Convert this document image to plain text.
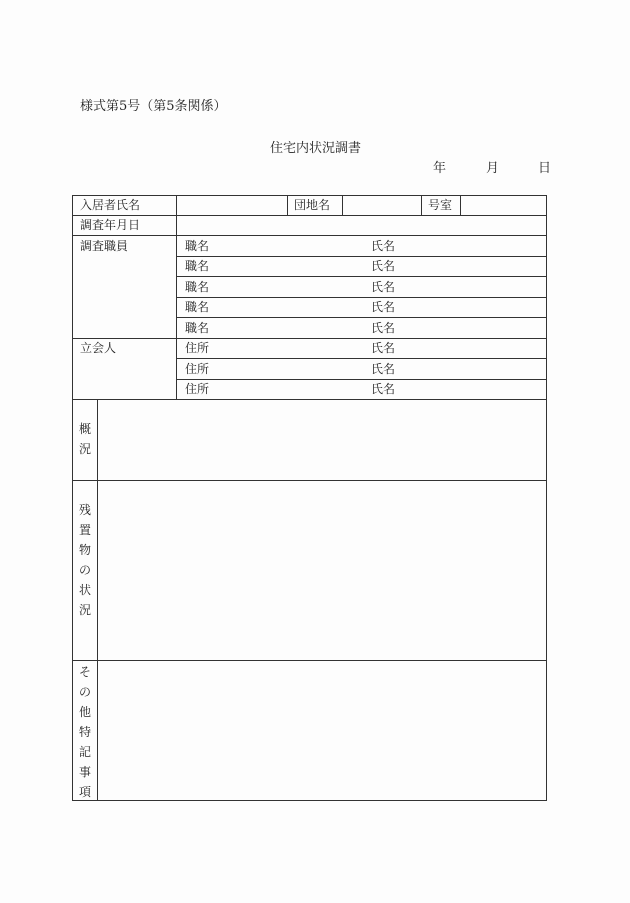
様式第5号（第5条関係）
住宅内状況調書
年	月	日
入居者氏名	団地名	号室
調査年月日
調査職員	職名	氏名
職名	氏名
職名	氏名
職名	氏名
職名	氏名
立会人	住所	氏名
住所	氏名
住所	氏名
概
況
残
置
物
の
状
況
そ
の
他
特
記
事
項
